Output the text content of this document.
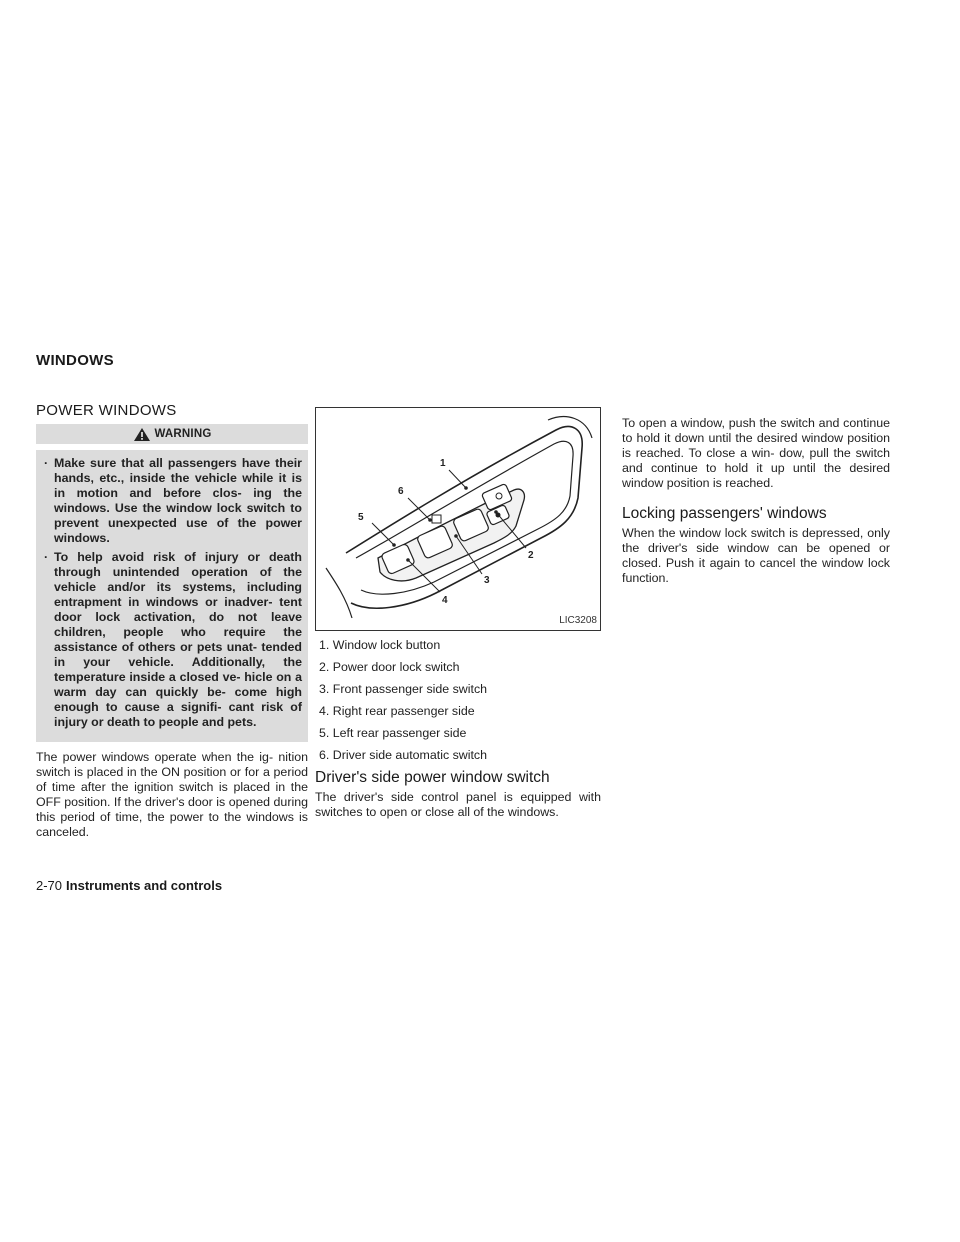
WINDOWS
POWER WINDOWS
WARNING
· Make sure that all passengers have their hands, etc., inside the vehicle while it is in motion and before clos- ing the windows. Use the window lock switch to prevent unexpected use of the power windows.
· To help avoid risk of injury or death through unintended operation of the vehicle and/or its systems, including entrapment in windows or inadver- tent door lock activation, do not leave children, people who require the assistance of others or pets unat- tended in your vehicle. Additionally, the temperature inside a closed ve- hicle on a warm day can quickly be- come high enough to cause a signifi- cant risk of injury or death to people and pets.
The power windows operate when the ig- nition switch is placed in the ON position or for a period of time after the ignition switch is placed in the OFF position. If the driver's door is opened during this period of time, the power to the windows is canceled.
1
2
3
4
5
6
LIC3208
1. Window lock button
2. Power door lock switch
3. Front passenger side switch
4. Right rear passenger side
5. Left rear passenger side
6. Driver side automatic switch
Driver's side power window switch
The driver's side control panel is equipped with switches to open or close all of the windows.
To open a window, push the switch and continue to hold it down until the desired window position is reached. To close a win- dow, pull the switch and continue to hold it up until the desired window position is reached.
Locking passengers' windows
When the window lock switch is depressed, only the driver's side window can be opened or closed. Push it again to cancel the window lock function.
2-70 Instruments and controls
